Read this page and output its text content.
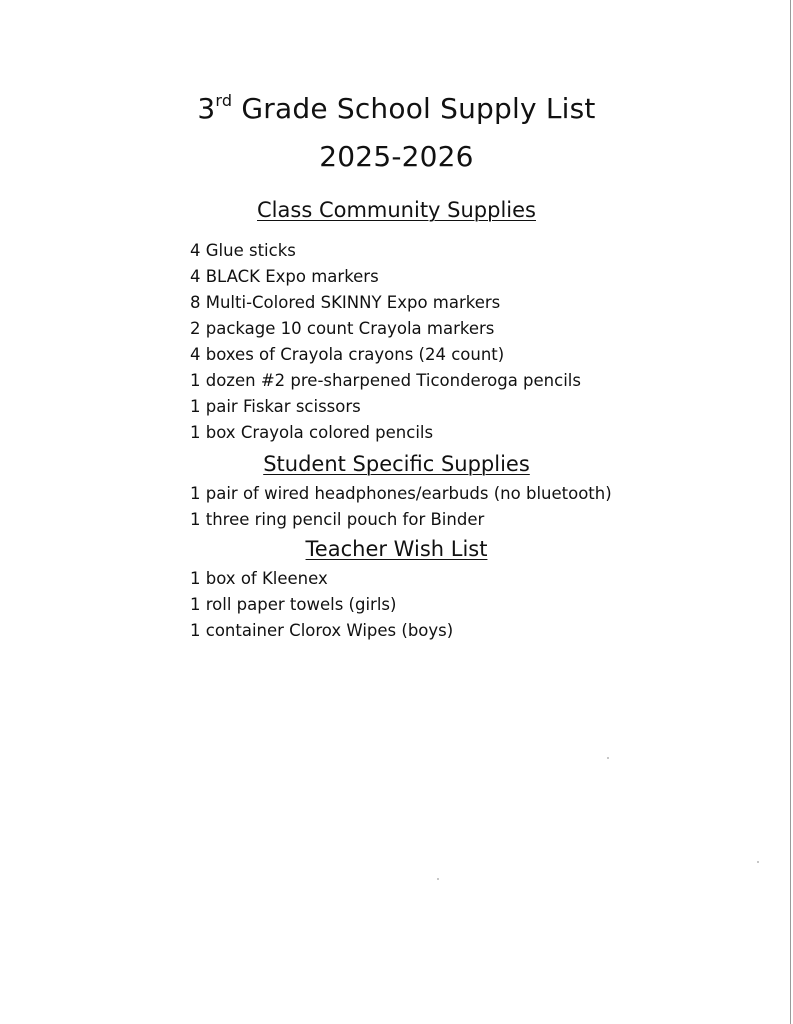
3rd Grade School Supply List
2025-2026
Class Community Supplies
4 Glue sticks
4 BLACK Expo markers
8 Multi-Colored SKINNY Expo markers
2 package 10 count Crayola markers
4 boxes of Crayola crayons (24 count)
1 dozen #2 pre-sharpened Ticonderoga pencils
1 pair Fiskar scissors
1 box Crayola colored pencils
Student Specific Supplies
1 pair of wired headphones/earbuds (no bluetooth)
1 three ring pencil pouch for Binder
Teacher Wish List
1 box of Kleenex
1 roll paper towels (girls)
1 container Clorox Wipes (boys)
